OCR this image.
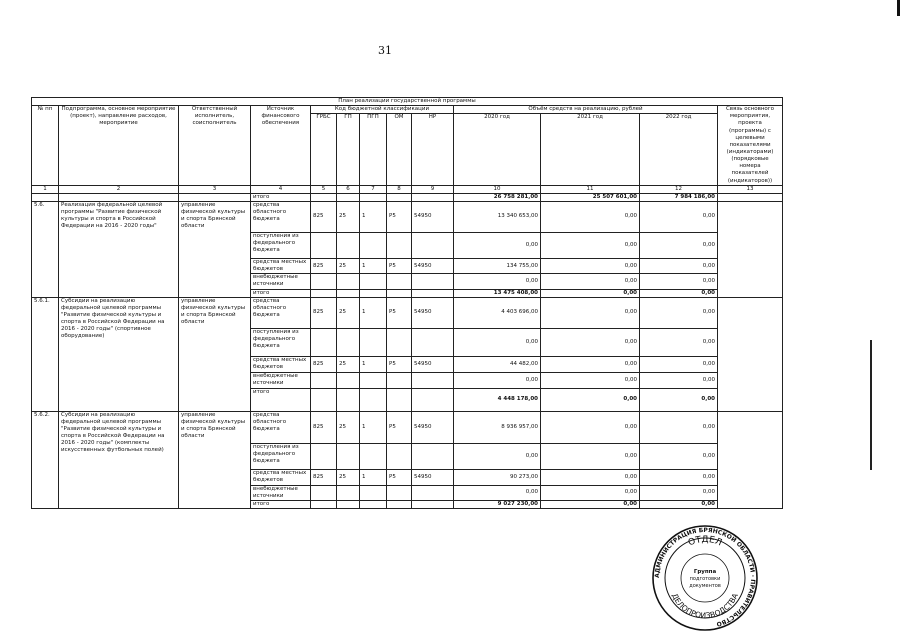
31
План реализации государственной программы												
№ пп	Подпрограмма, основное мероприятие (проект), направление расходов, мероприятие	Ответственный исполнитель, соисполнитель	Источник финансового обеспечения	Код бюджетной классификации					Объём средств на реализацию, рублей			Связь основного мероприятия, проекта (программы) с целевыми показателями (индикаторами) (порядковые номера показателей (индикаторов))
				ГРБС	ГП	ПГП	ОМ	НР	2020 год	2021 год	2022 год	
1	2	3	4	5	6	7	8	9	10	11	12	13
			итого						26 758 281,00	25 507 601,00	7 984 186,00	
5.6.	Реализация федеральной целевой программы "Развитие физической культуры и спорта в Российской Федерации на 2016 - 2020 годы"	управление физической культуры и спорта Брянской области	средства областного бюджета	825	25	1	Р5	54950	13 340 653,00	0,00	0,00	
			поступления из федерального бюджета						0,00	0,00	0,00	
			средства местных бюджетов	825	25	1	Р5	54950	134 755,00	0,00	0,00	
			внебюджетные источники						0,00	0,00	0,00	
			итого						13 475 408,00	0,00	0,00	
5.6.1.	Субсидии на реализацию федеральной целевой программы "Развитие физической культуры и спорта в Российской Федерации на 2016 - 2020 годы" (спортивное оборудование)	управление физической культуры и спорта Брянской области	средства областного бюджета	825	25	1	Р5	54950	4 403 696,00	0,00	0,00	
			поступления из федерального бюджета						0,00	0,00	0,00	
			средства местных бюджетов	825	25	1	Р5	54950	44 482,00	0,00	0,00	
			внебюджетные источники						0,00	0,00	0,00	
			итого						4 448 178,00	0,00	0,00	
5.6.2.	Субсидии на реализацию федеральной целевой программы "Развитие физической культуры и спорта в Российской Федерации на 2016 - 2020 годы" (комплекты искусственных футбольных полей)	управление физической культуры и спорта Брянской области	средства областного бюджета	825	25	1	Р5	54950	8 936 957,00	0,00	0,00	
			поступления из федерального бюджета						0,00	0,00	0,00	
			средства местных бюджетов	825	25	1	Р5	54950	90 273,00	0,00	0,00	
			внебюджетные источники						0,00	0,00	0,00	
			итого						9 027 230,00	0,00	0,00	
АДМИНИСТРАЦИЯ БРЯНСКОЙ ОБЛАСТИ · ПРАВИТЕЛЬСТВО
ОТДЕЛ
ДЕЛОПРОИЗВОДСТВА
Группа
подготовки
документов
